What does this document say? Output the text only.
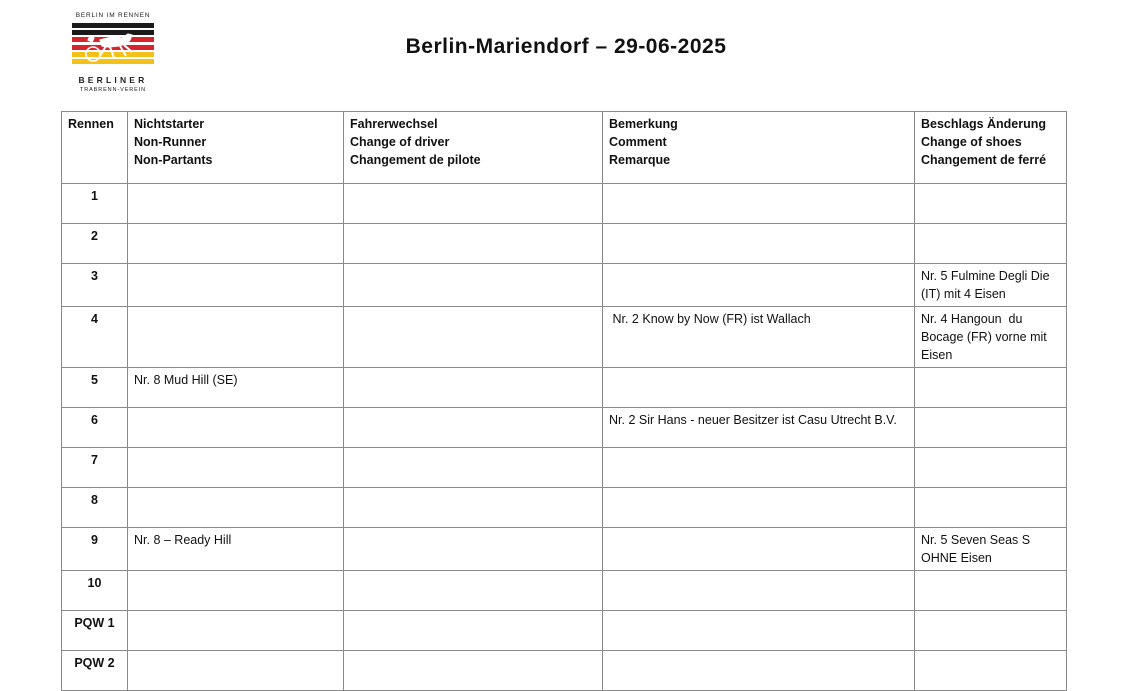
BERLIN IM RENNEN
BERLINER
TRABRENN-VEREIN
Berlin-Mariendorf – 29-06-2025
Rennen	Nichtstarter
Non-Runner
Non-Partants	Fahrerwechsel
Change of driver
Changement de pilote	Bemerkung
Comment
Remarque	Beschlags Änderung
Change of shoes
Changement de ferré

1				
2				
3				Nr. 5 Fulmine Degli Die (IT) mit 4 Eisen
4			Nr. 2 Know by Now (FR) ist Wallach	Nr. 4 Hangoun  du Bocage (FR) vorne mit Eisen
5	Nr. 8 Mud Hill (SE)			
6			Nr. 2 Sir Hans - neuer Besitzer ist Casu Utrecht B.V.	
7				
8				
9	Nr. 8 – Ready Hill			Nr. 5 Seven Seas S OHNE Eisen
10				
PQW 1				
PQW 2				
